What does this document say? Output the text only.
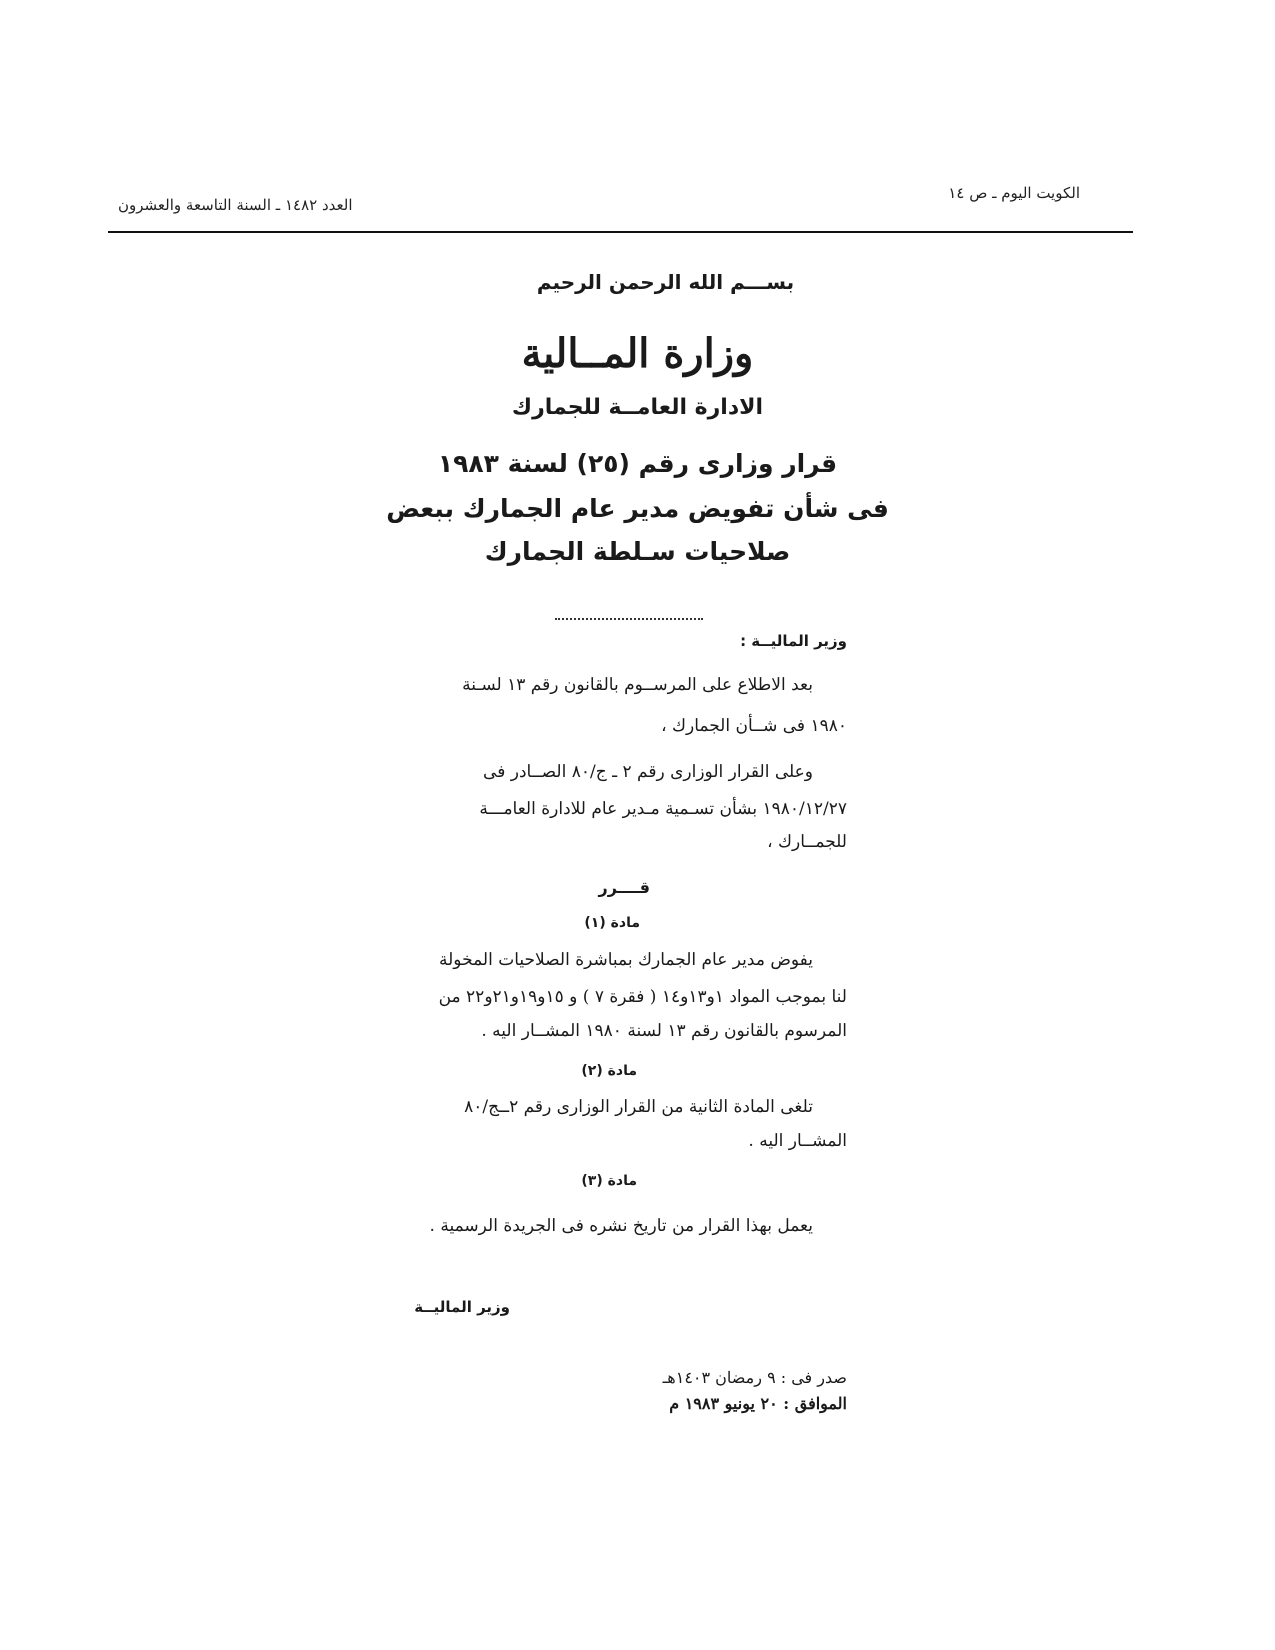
الكويت اليوم ـ ص ١٤
العدد ١٤٨٢ ـ السنة التاسعة والعشرون
بســـم الله الرحمن الرحيم
وزارة المــالية
الادارة العامــة للجمارك
قرار وزارى رقم (٢٥) لسنة ١٩٨٣
فى شأن تفويض مدير عام الجمارك ببعض
صلاحيات سـلطة الجمارك
وزير الماليــة :
بعد الاطلاع على المرســوم بالقانون رقم ١٣ لسـنة
١٩٨٠ فى شــأن الجمارك ،
وعلى القرار الوزارى رقم ٢ ـ ج/٨٠ الصــادر فى
١٩٨٠/١٢/٢٧ بشأن تسـمية مـدير عام للادارة العامـــة
للجمــارك ،
قــــرر
مادة (١)
يفوض مدير عام الجمارك بمباشرة الصلاحيات المخولة
لنا بموجب المواد ١و١٣و١٤ ( فقرة ٧ ) و ١٥و١٩و٢١و٢٢ من
المرسوم بالقانون رقم ١٣ لسنة ١٩٨٠ المشــار اليه .
مادة (٢)
تلغى المادة الثانية من القرار الوزارى رقم ٢ــج/٨٠
المشــار اليه .
مادة (٣)
يعمل بهذا القرار من تاريخ نشره فى الجريدة الرسمية .
وزير الماليــة
صدر فى : ٩ رمضان ١٤٠٣هـ
الموافق : ٢٠ يونيو ١٩٨٣ م
